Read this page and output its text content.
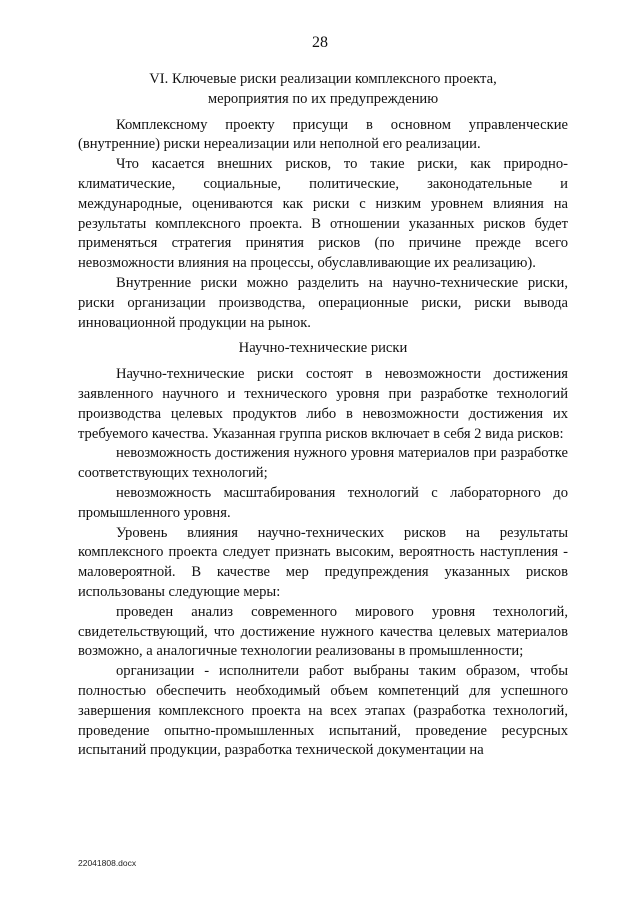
28
VI. Ключевые риски реализации комплексного проекта,
мероприятия по их предупреждению

Комплексному проекту присущи в основном управленческие (внутренние) риски нереализации или неполной его реализации.

Что касается внешних рисков, то такие риски, как природно-климатические, социальные, политические, законодательные и международные, оцениваются как риски с низким уровнем влияния на результаты комплексного проекта. В отношении указанных рисков будет применяться стратегия принятия рисков (по причине прежде всего невозможности влияния на процессы, обуславливающие их реализацию).

Внутренние риски можно разделить на научно-технические риски, риски организации производства, операционные риски, риски вывода инновационной продукции на рынок.

Научно-технические риски

Научно-технические риски состоят в невозможности достижения заявленного научного и технического уровня при разработке технологий производства целевых продуктов либо в невозможности достижения их требуемого качества. Указанная группа рисков включает в себя 2 вида рисков:

невозможность достижения нужного уровня материалов при разработке соответствующих технологий;

невозможность масштабирования технологий с лабораторного до промышленного уровня.

Уровень влияния научно-технических рисков на результаты комплексного проекта следует признать высоким, вероятность наступления - маловероятной. В качестве мер предупреждения указанных рисков использованы следующие меры:

проведен анализ современного мирового уровня технологий, свидетельствующий, что достижение нужного качества целевых материалов возможно, а аналогичные технологии реализованы в промышленности;

организации - исполнители работ выбраны таким образом, чтобы полностью обеспечить необходимый объем компетенций для успешного завершения комплексного проекта на всех этапах (разработка технологий, проведение опытно-промышленных испытаний, проведение ресурсных испытаний продукции, разработка технической документации на

22041808.docx
